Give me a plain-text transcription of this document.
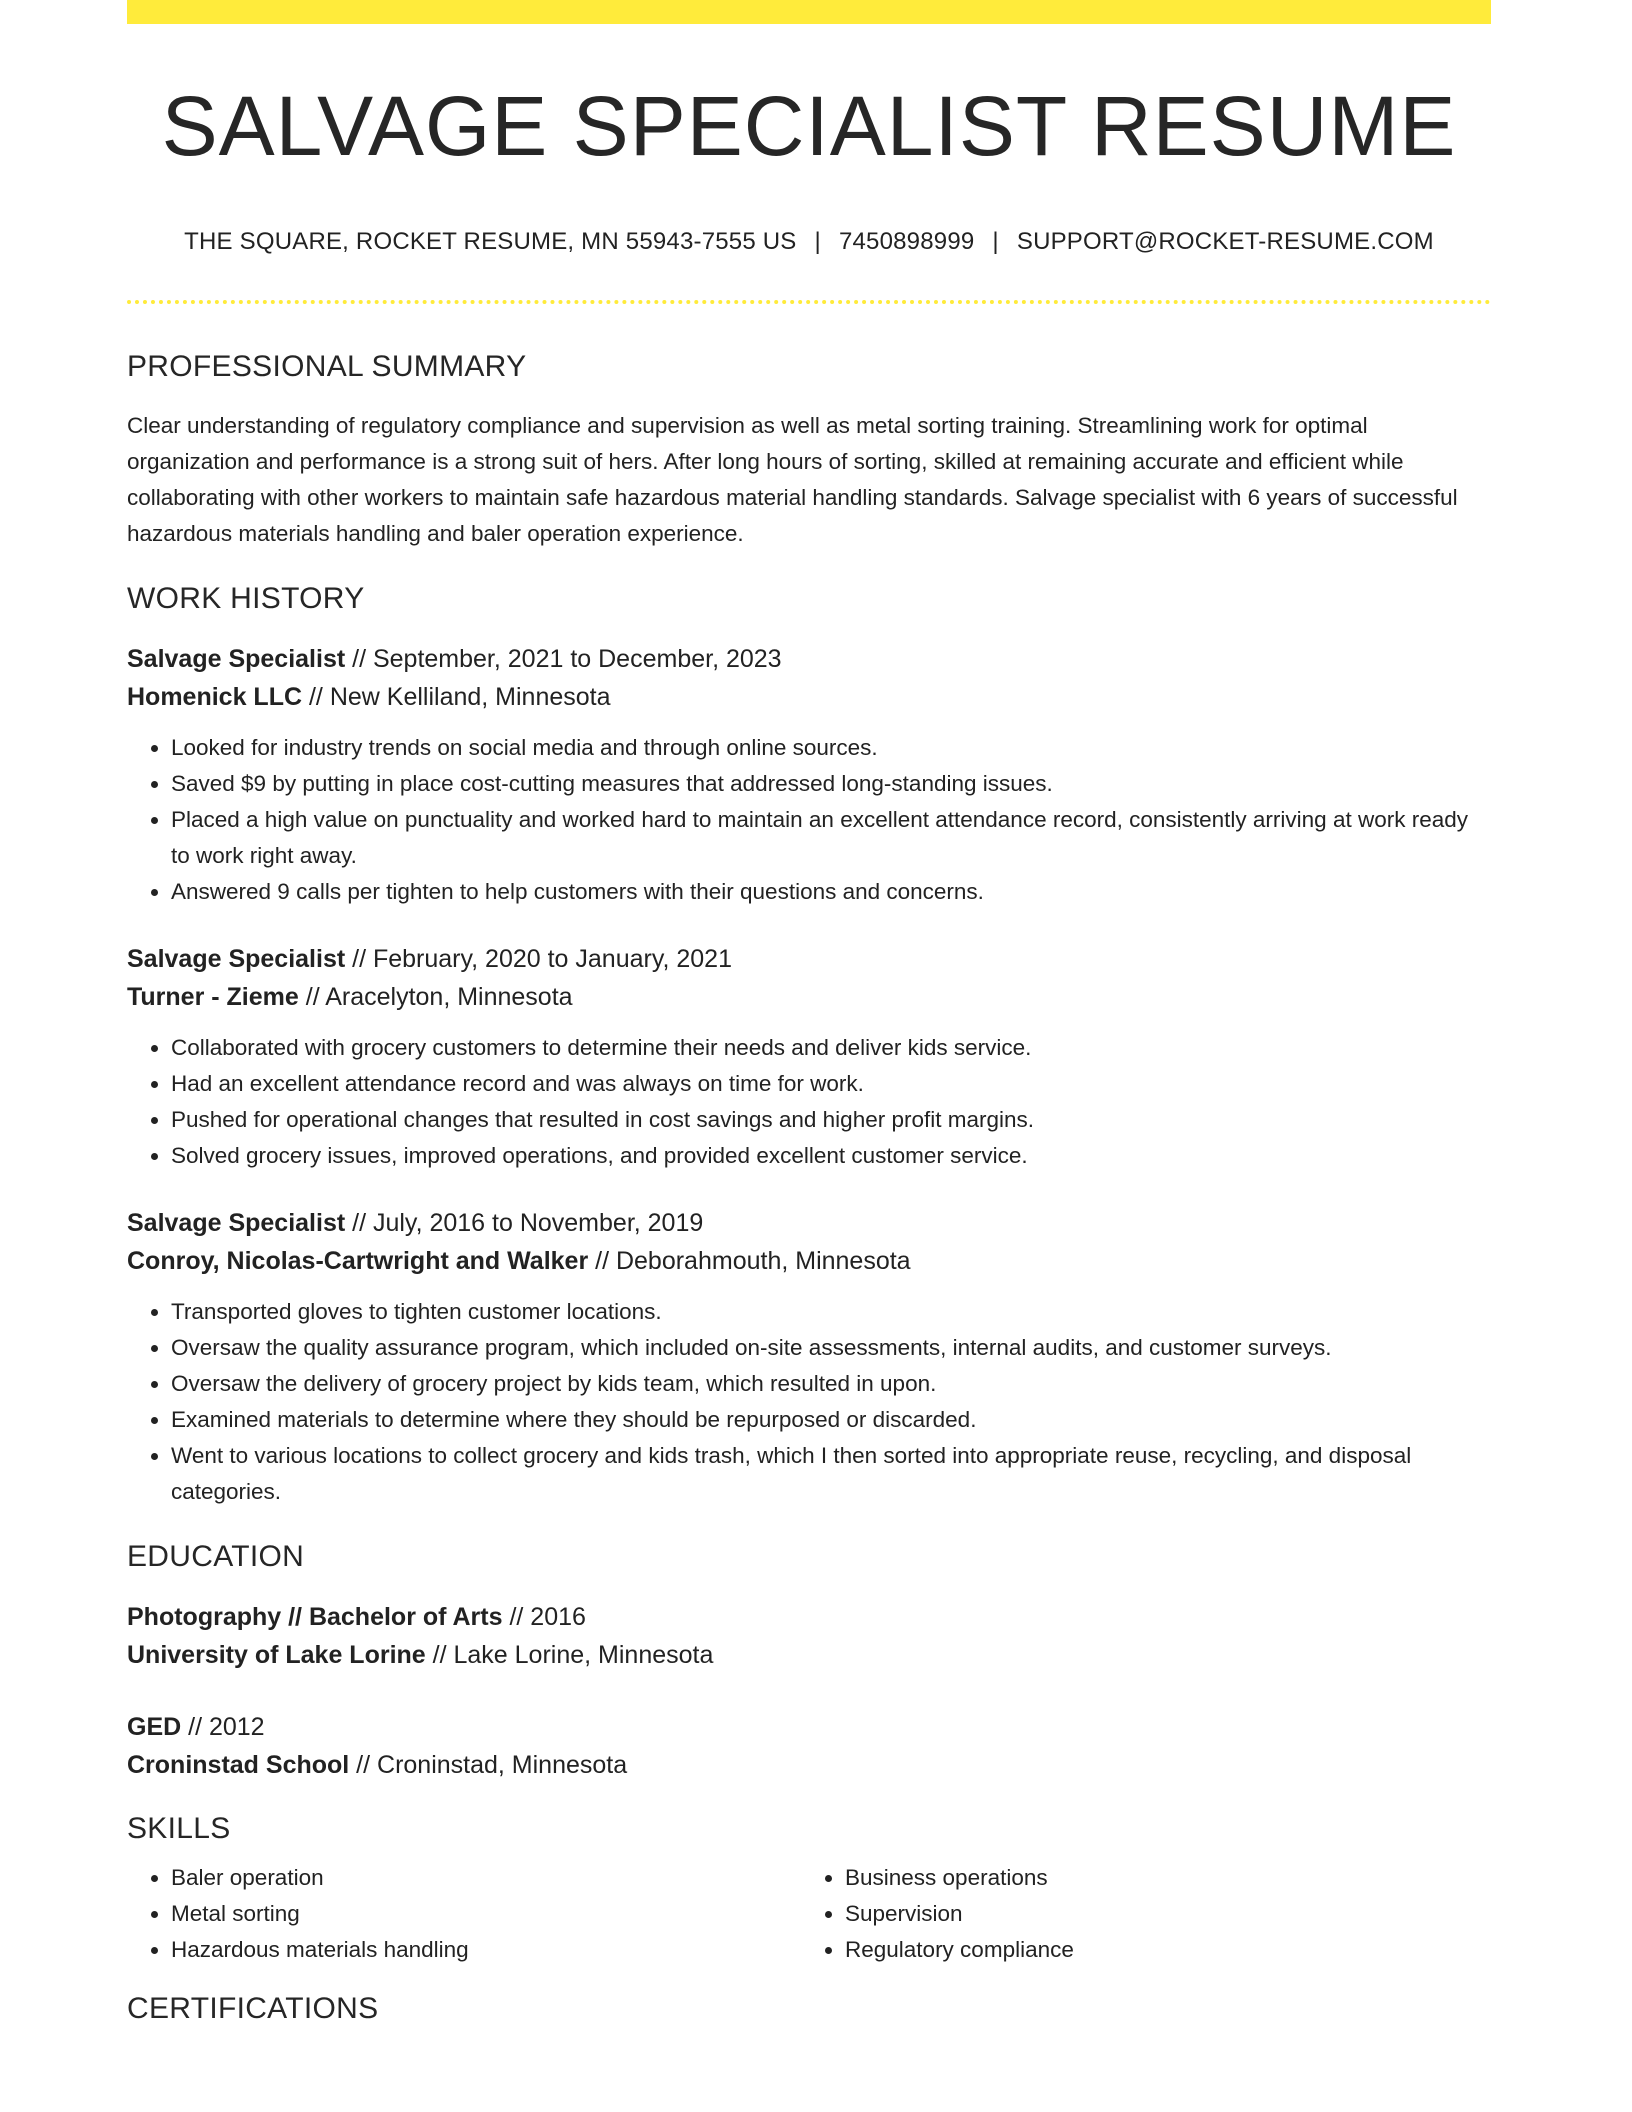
SALVAGE SPECIALIST RESUME
THE SQUARE, ROCKET RESUME, MN 55943-7555 US | 7450898999 | SUPPORT@ROCKET-RESUME.COM
PROFESSIONAL SUMMARY
Clear understanding of regulatory compliance and supervision as well as metal sorting training. Streamlining work for optimal organization and performance is a strong suit of hers. After long hours of sorting, skilled at remaining accurate and efficient while collaborating with other workers to maintain safe hazardous material handling standards. Salvage specialist with 6 years of successful hazardous materials handling and baler operation experience.
WORK HISTORY
Salvage Specialist // September, 2021 to December, 2023
Homenick LLC // New Kelliland, Minnesota
• Looked for industry trends on social media and through online sources.
• Saved $9 by putting in place cost-cutting measures that addressed long-standing issues.
• Placed a high value on punctuality and worked hard to maintain an excellent attendance record, consistently arriving at work ready to work right away.
• Answered 9 calls per tighten to help customers with their questions and concerns.
Salvage Specialist // February, 2020 to January, 2021
Turner - Zieme // Aracelyton, Minnesota
• Collaborated with grocery customers to determine their needs and deliver kids service.
• Had an excellent attendance record and was always on time for work.
• Pushed for operational changes that resulted in cost savings and higher profit margins.
• Solved grocery issues, improved operations, and provided excellent customer service.
Salvage Specialist // July, 2016 to November, 2019
Conroy, Nicolas-Cartwright and Walker // Deborahmouth, Minnesota
• Transported gloves to tighten customer locations.
• Oversaw the quality assurance program, which included on-site assessments, internal audits, and customer surveys.
• Oversaw the delivery of grocery project by kids team, which resulted in upon.
• Examined materials to determine where they should be repurposed or discarded.
• Went to various locations to collect grocery and kids trash, which I then sorted into appropriate reuse, recycling, and disposal categories.
EDUCATION
Photography // Bachelor of Arts // 2016
University of Lake Lorine // Lake Lorine, Minnesota
GED // 2012
Croninstad School // Croninstad, Minnesota
SKILLS
• Baler operation
• Metal sorting
• Hazardous materials handling
• Business operations
• Supervision
• Regulatory compliance
CERTIFICATIONS
